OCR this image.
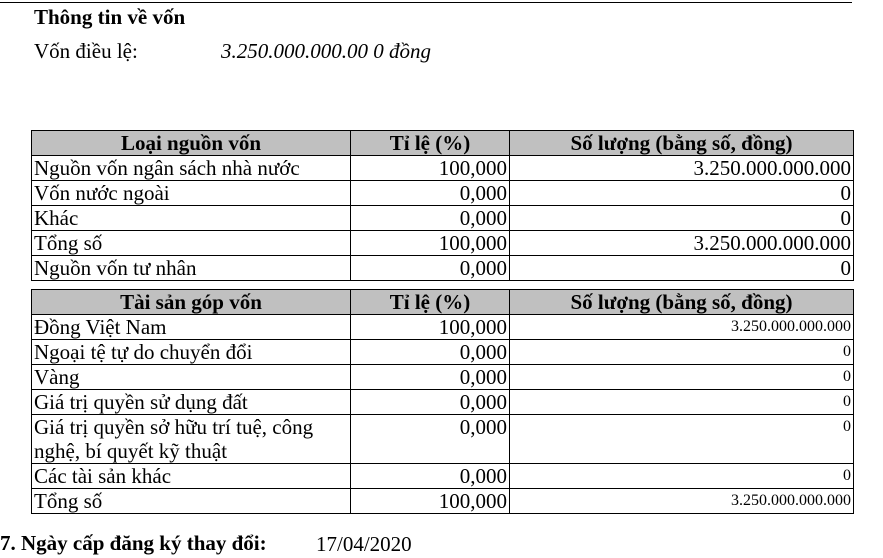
Thông tin về vốn
Vốn điều lệ:	3.250.000.000.00 0 đồng
Loại nguồn vốn	Tỉ lệ (%)	Số lượng (bằng số, đồng)
Nguồn vốn ngân sách nhà nước	100,000	3.250.000.000.000
Vốn nước ngoài	0,000	0
Khác	0,000	0
Tổng số	100,000	3.250.000.000.000
Nguồn vốn tư nhân	0,000	0
Tài sản góp vốn	Tỉ lệ (%)	Số lượng (bằng số, đồng)
Đồng Việt Nam	100,000	3.250.000.000.000
Ngoại tệ tự do chuyển đổi	0,000	0
Vàng	0,000	0
Giá trị quyền sử dụng đất	0,000	0
Giá trị quyền sở hữu trí tuệ, công nghệ, bí quyết kỹ thuật	0,000	0
Các tài sản khác	0,000	0
Tổng số	100,000	3.250.000.000.000
7. Ngày cấp đăng ký thay đổi: 17/04/2020
